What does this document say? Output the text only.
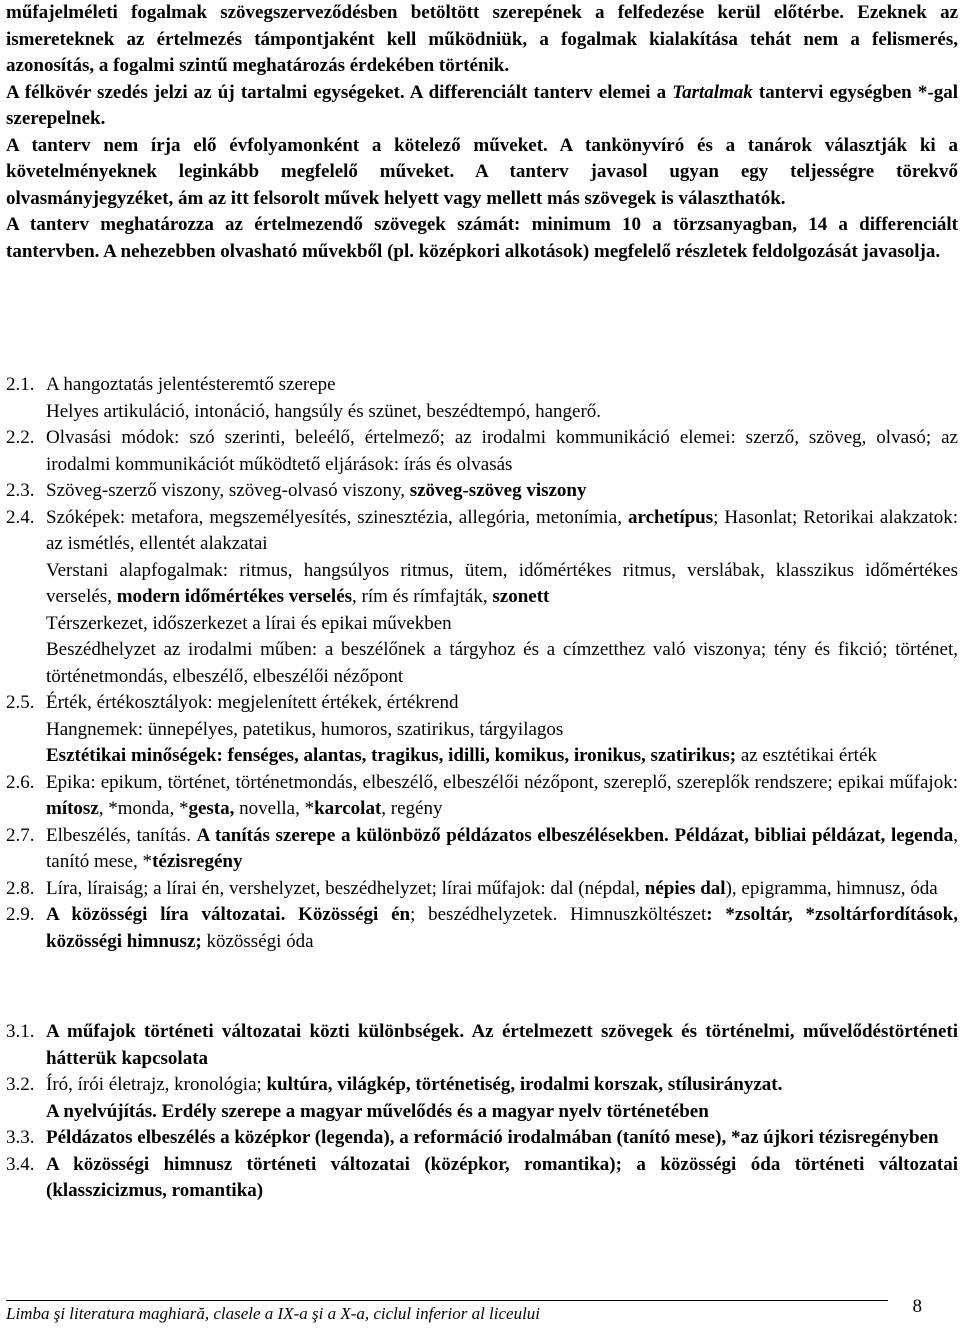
műfajelméleti fogalmak szövegszerveződésben betöltött szerepének a felfedezése kerül előtérbe. Ezeknek az ismereteknek az értelmezés támpontjaként kell működniük, a fogalmak kialakítása tehát nem a felismerés, azonosítás, a fogalmi szintű meghatározás érdekében történik.

A félkövér szedés jelzi az új tartalmi egységeket. A differenciált tanterv elemei a Tartalmak tantervi egységben *-gal szerepelnek.

A tanterv nem írja elő évfolyamonként a kötelező műveket. A tankönyvíró és a tanárok választják ki a követelményeknek leginkább megfelelő műveket. A tanterv javasol ugyan egy teljességre törekvő olvasmányjegyzéket, ám az itt felsorolt művek helyett vagy mellett más szövegek is választhatók.

A tanterv meghatározza az értelmezendő szövegek számát: minimum 10 a törzsanyagban, 14 a differenciált tantervben. A nehezebben olvasható művekből (pl. középkori alkotások) megfelelő részletek feldolgozását javasolja.

2.1. A hangoztatás jelentésteremtő szerepe

Helyes artikuláció, intonáció, hangsúly és szünet, beszédtempó, hangerő.

2.2. Olvasási módok: szó szerinti, beleélő, értelmező; az irodalmi kommunikáció elemei: szerző, szöveg, olvasó; az irodalmi kommunikációt működtető eljárások: írás és olvasás

2.3. Szöveg-szerző viszony, szöveg-olvasó viszony, szöveg-szöveg viszony

2.4. Szóképek: metafora, megszemélyesítés, szinesztézia, allegória, metonímia, archetípus; Hasonlat; Retorikai alakzatok: az ismétlés, ellentét alakzatai

Verstani alapfogalmak: ritmus, hangsúlyos ritmus, ütem, időmértékes ritmus, verslábak, klasszikus időmértékes verselés, modern időmértékes verselés, rím és rímfajták, szonett

Térszerkezet, időszerkezet a lírai és epikai művekben

Beszédhelyzet az irodalmi műben: a beszélőnek a tárgyhoz és a címzetthez való viszonya; tény és fikció; történet, történetmondás, elbeszélő, elbeszélői nézőpont

2.5. Érték, értékosztályok: megjelenített értékek, értékrend

Hangnemek: ünnepélyes, patetikus, humoros, szatirikus, tárgyilagos

Esztétikai minőségek: fenséges, alantas, tragikus, idilli, komikus, ironikus, szatirikus; az esztétikai érték

2.6. Epika: epikum, történet, történetmondás, elbeszélő, elbeszélői nézőpont, szereplő, szereplők rendszere; epikai műfajok: mítosz, *monda, *gesta, novella, *karcolat, regény

2.7. Elbeszélés, tanítás. A tanítás szerepe a különböző példázatos elbeszélésekben. Példázat, bibliai példázat, legenda, tanító mese, *tézisregény

2.8. Líra, líraiság; a lírai én, vershelyzet, beszédhelyzet; lírai műfajok: dal (népdal, népies dal), epigramma, himnusz, óda

2.9. A közösségi líra változatai. Közösségi én; beszédhelyzetek. Himnuszköltészet: *zsoltár, *zsoltárfordítások, közösségi himnusz; közösségi óda

3.1. A műfajok történeti változatai közti különbségek. Az értelmezett szövegek és történelmi, művelődéstörténeti hátterük kapcsolata

3.2. Író, írói életrajz, kronológia; kultúra, világkép, történetiség, irodalmi korszak, stílusirányzat.

A nyelvújítás. Erdély szerepe a magyar művelődés és a magyar nyelv történetében

3.3. Példázatos elbeszélés a középkor (legenda), a reformáció irodalmában (tanító mese), *az újkori tézisregényben

3.4. A közösségi himnusz történeti változatai (középkor, romantika); a közösségi óda történeti változatai (klasszicizmus, romantika)

Limba şi literatura maghiară, clasele a IX-a şi a X-a, ciclul inferior al liceului	8
